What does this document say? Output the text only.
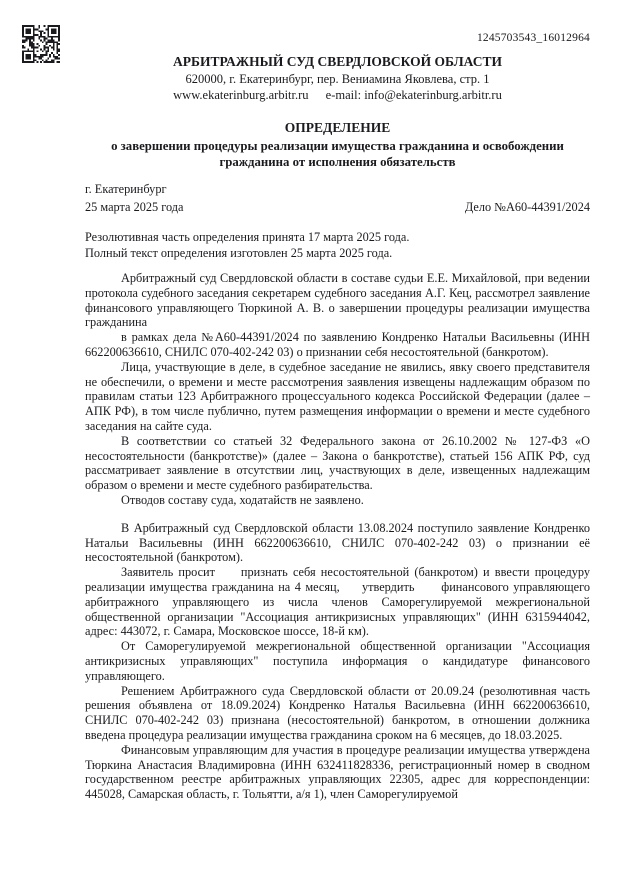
1245703543_16012964
АРБИТРАЖНЫЙ СУД СВЕРДЛОВСКОЙ ОБЛАСТИ
620000, г. Екатеринбург, пер. Вениамина Яковлева, стр. 1
www.ekaterinburg.arbitr.ru e-mail: info@ekaterinburg.arbitr.ru
ОПРЕДЕЛЕНИЕ
о завершении процедуры реализации имущества гражданина и освобождении гражданина от исполнения обязательств
г. Екатеринбург
25 марта 2025 года	Дело №А60-44391/2024
Резолютивная часть определения принята 17 марта 2025 года.
Полный текст определения изготовлен 25 марта 2025 года.

Арбитражный суд Свердловской области в составе судьи Е.Е. Михайловой, при ведении протокола судебного заседания секретарем судебного заседания А.Г. Кец, рассмотрел заявление финансового управляющего Тюркиной А. В. о завершении процедуры реализации имущества гражданина

в рамках дела №А60-44391/2024 по заявлению Кондренко Натальи Васильевны (ИНН 662200636610, СНИЛС 070-402-242 03) о признании себя несостоятельной (банкротом).

Лица, участвующие в деле, в судебное заседание не явились, явку своего представителя не обеспечили, о времени и месте рассмотрения заявления извещены надлежащим образом по правилам статьи 123 Арбитражного процессуального кодекса Российской Федерации (далее – АПК РФ), в том числе публично, путем размещения информации о времени и месте судебного заседания на сайте суда.

В соответствии со статьей 32 Федерального закона от 26.10.2002 № 127-ФЗ «О несостоятельности (банкротстве)» (далее – Закона о банкротстве), статьей 156 АПК РФ, суд рассматривает заявление в отсутствии лиц, участвующих в деле, извещенных надлежащим образом о времени и месте судебного разбирательства.

Отводов составу суда, ходатайств не заявлено.

В Арбитражный суд Свердловской области 13.08.2024 поступило заявление Кондренко Натальи Васильевны (ИНН 662200636610, СНИЛС 070-402-242 03) о признании её несостоятельной (банкротом).

Заявитель просит     признать себя несостоятельной (банкротом) и ввести процедуру реализации имущества гражданина на 4 месяц,     утвердить      финансового управляющего арбитражного управляющего из числа членов Саморегулируемой межрегиональной общественной организации "Ассоциация антикризисных управляющих" (ИНН 6315944042, адрес: 443072, г. Самара, Московское шоссе, 18-й км).

От Саморегулируемой межрегиональной общественной организации "Ассоциация антикризисных управляющих" поступила информация о кандидатуре финансового управляющего.

Решением Арбитражного суда Свердловской области от 20.09.24 (резолютивная часть решения объявлена от 18.09.2024) Кондренко Наталья Васильевна (ИНН 662200636610, СНИЛС 070-402-242 03) признана (несостоятельной) банкротом, в отношении должника введена процедура реализации имущества гражданина сроком на 6 месяцев, до 18.03.2025.

Финансовым управляющим для участия в процедуре реализации имущества утверждена Тюркина Анастасия Владимировна (ИНН 632411828336, регистрационный номер в сводном государственном реестре арбитражных управляющих 22305, адрес для корреспонденции: 445028, Самарская область, г. Тольятти, а/я 1), член Саморегулируемой
